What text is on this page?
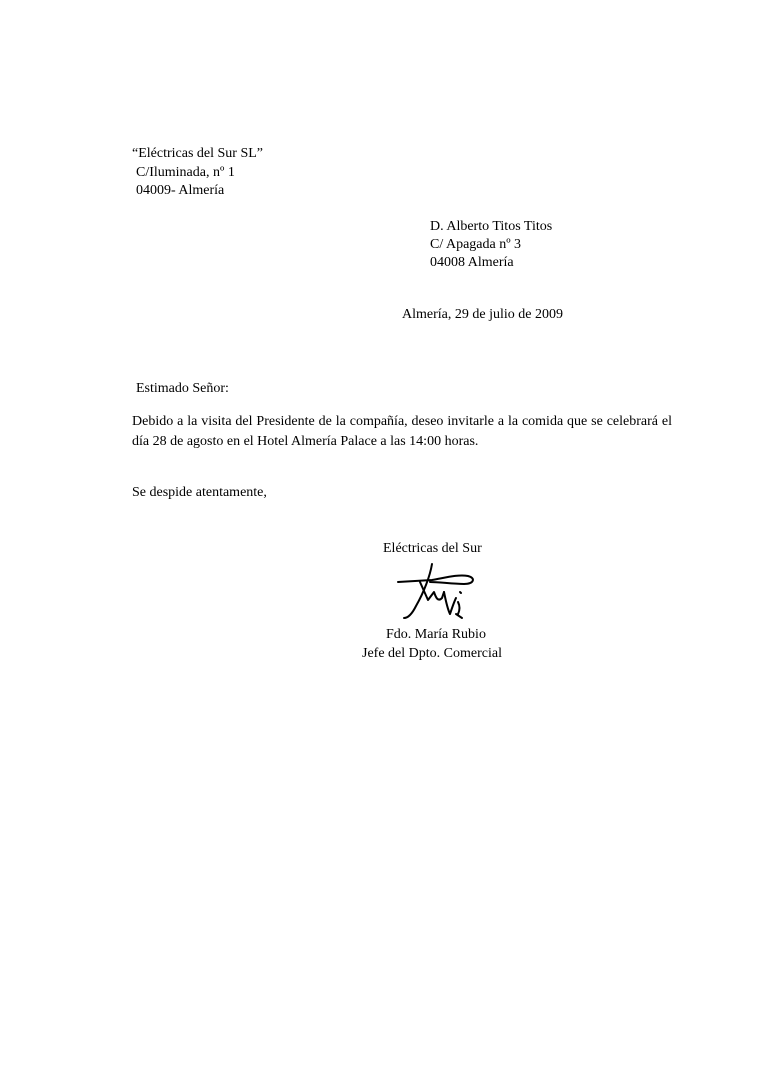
“Eléctricas del Sur SL”
C/Iluminada, nº 1
04009- Almería
D. Alberto Titos Titos
C/ Apagada nº 3
04008 Almería
Almería, 29 de julio de 2009
Estimado Señor:
Debido a la visita del Presidente de la compañía, deseo invitarle a la comida que se celebrará el día 28 de agosto en el Hotel Almería Palace a las 14:00 horas.
Se despide atentamente,
Eléctricas del Sur
Fdo. María Rubio
Jefe del Dpto. Comercial
